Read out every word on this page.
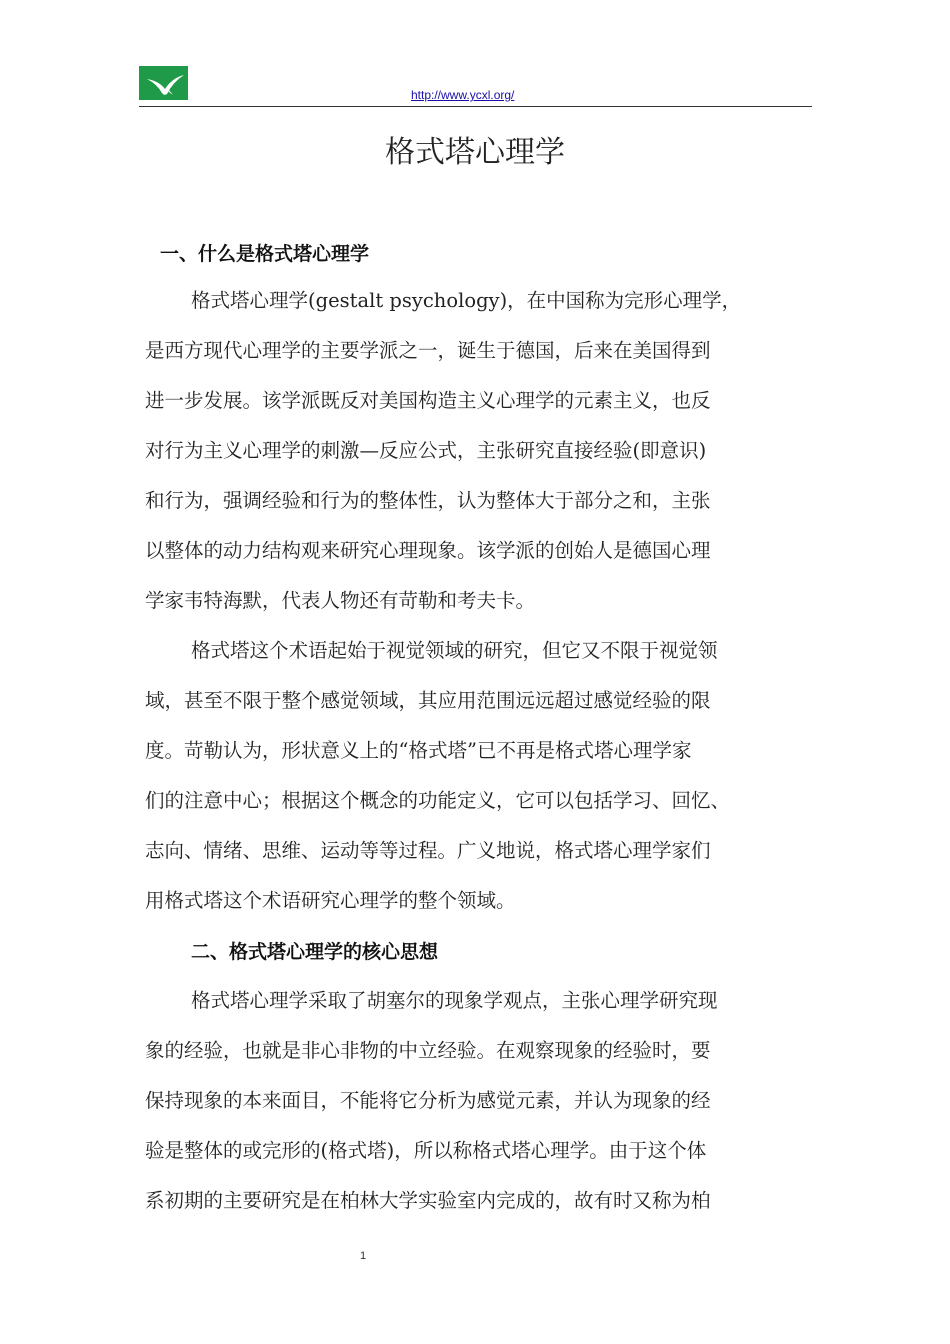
http://www.ycxl.org/
格式塔心理学
一、什么是格式塔心理学
格式塔心理学(gestalt psychology)，在中国称为完形心理学，
是西方现代心理学的主要学派之一，诞生于德国，后来在美国得到
进一步发展。该学派既反对美国构造主义心理学的元素主义，也反
对行为主义心理学的刺激—反应公式，主张研究直接经验(即意识)
和行为，强调经验和行为的整体性，认为整体大于部分之和，主张
以整体的动力结构观来研究心理现象。该学派的创始人是德国心理
学家韦特海默，代表人物还有苛勒和考夫卡。
格式塔这个术语起始于视觉领域的研究，但它又不限于视觉领
域，甚至不限于整个感觉领域，其应用范围远远超过感觉经验的限
度。苛勒认为，形状意义上的“格式塔”已不再是格式塔心理学家
们的注意中心；根据这个概念的功能定义，它可以包括学习、回忆、
志向、情绪、思维、运动等等过程。广义地说，格式塔心理学家们
用格式塔这个术语研究心理学的整个领域。
二、格式塔心理学的核心思想
格式塔心理学采取了胡塞尔的现象学观点，主张心理学研究现
象的经验，也就是非心非物的中立经验。在观察现象的经验时，要
保持现象的本来面目，不能将它分析为感觉元素，并认为现象的经
验是整体的或完形的(格式塔)，所以称格式塔心理学。由于这个体
系初期的主要研究是在柏林大学实验室内完成的，故有时又称为柏
1
